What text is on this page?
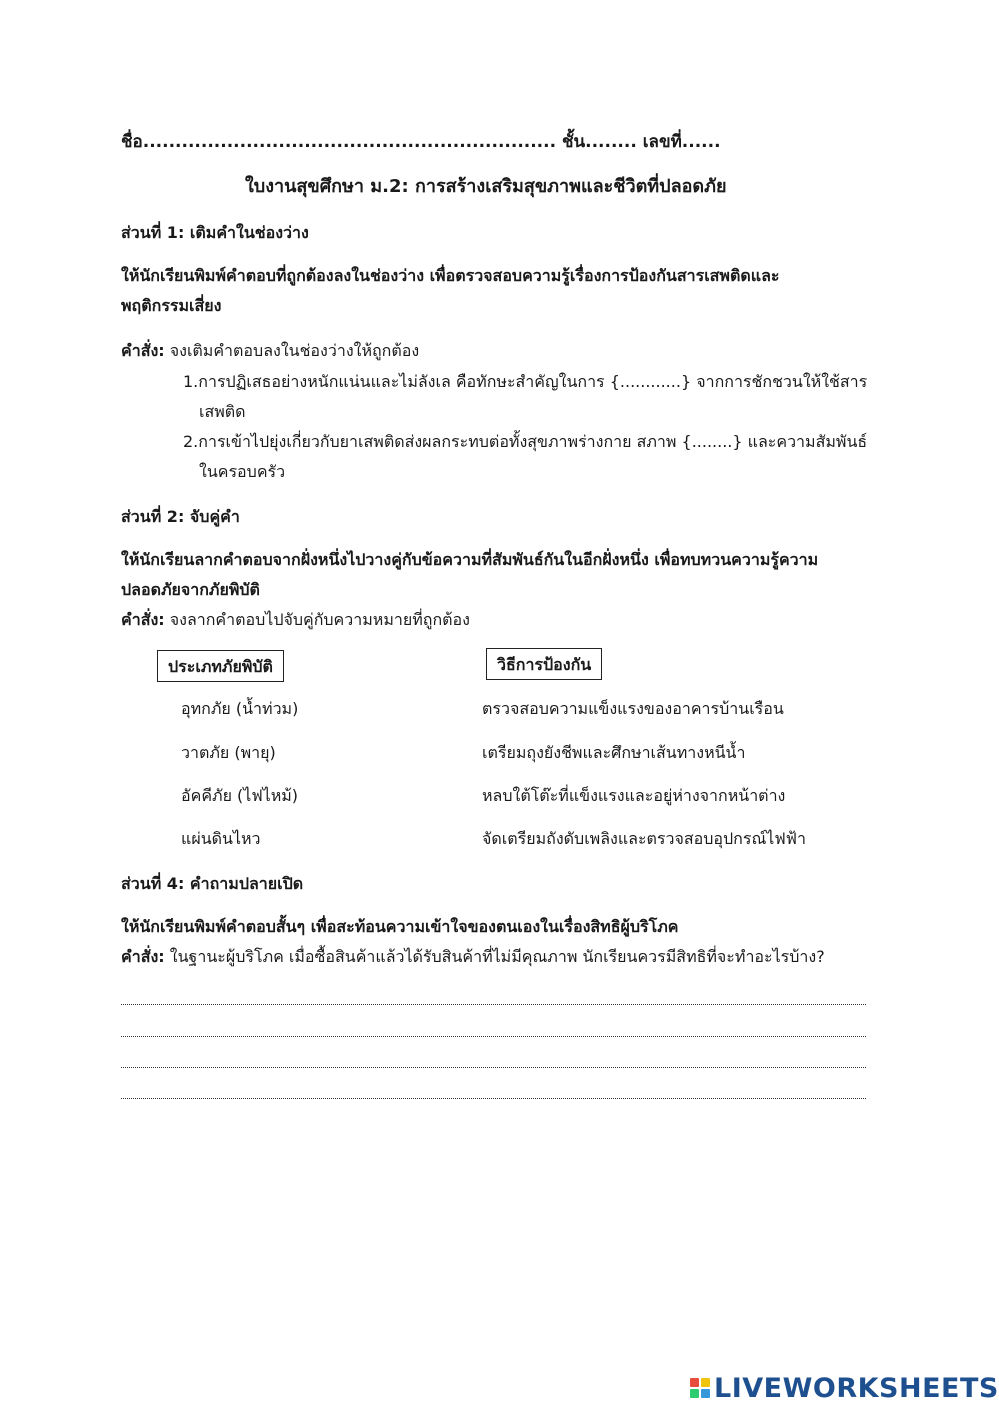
ชื่อ................................................................ ชั้น........ เลขที่......
ใบงานสุขศึกษา ม.2: การสร้างเสริมสุขภาพและชีวิตที่ปลอดภัย
ส่วนที่ 1: เติมคำในช่องว่าง
ให้นักเรียนพิมพ์คำตอบที่ถูกต้องลงในช่องว่าง เพื่อตรวจสอบความรู้เรื่องการป้องกันสารเสพติดและ
พฤติกรรมเสี่ยง
คำสั่ง: จงเติมคำตอบลงในช่องว่างให้ถูกต้อง
1.การปฏิเสธอย่างหนักแน่นและไม่ลังเล คือทักษะสำคัญในการ {............} จากการชักชวนให้ใช้สาร
เสพติด
2.การเข้าไปยุ่งเกี่ยวกับยาเสพติดส่งผลกระทบต่อทั้งสุขภาพร่างกาย สภาพ {........} และความสัมพันธ์
ในครอบครัว
ส่วนที่ 2: จับคู่คำ
ให้นักเรียนลากคำตอบจากฝั่งหนึ่งไปวางคู่กับข้อความที่สัมพันธ์กันในอีกฝั่งหนึ่ง เพื่อทบทวนความรู้ความ
ปลอดภัยจากภัยพิบัติ
คำสั่ง: จงลากคำตอบไปจับคู่กับความหมายที่ถูกต้อง
ประเภทภัยพิบัติ	วิธีการป้องกัน
อุทกภัย (น้ำท่วม)
วาตภัย (พายุ)
อัคคีภัย (ไฟไหม้)
แผ่นดินไหว
ตรวจสอบความแข็งแรงของอาคารบ้านเรือน
เตรียมถุงยังชีพและศึกษาเส้นทางหนีน้ำ
หลบใต้โต๊ะที่แข็งแรงและอยู่ห่างจากหน้าต่าง
จัดเตรียมถังดับเพลิงและตรวจสอบอุปกรณ์ไฟฟ้า
ส่วนที่ 4: คำถามปลายเปิด
ให้นักเรียนพิมพ์คำตอบสั้นๆ เพื่อสะท้อนความเข้าใจของตนเองในเรื่องสิทธิผู้บริโภค
คำสั่ง: ในฐานะผู้บริโภค เมื่อซื้อสินค้าแล้วได้รับสินค้าที่ไม่มีคุณภาพ นักเรียนควรมีสิทธิที่จะทำอะไรบ้าง?
LIVEWORKSHEETS
